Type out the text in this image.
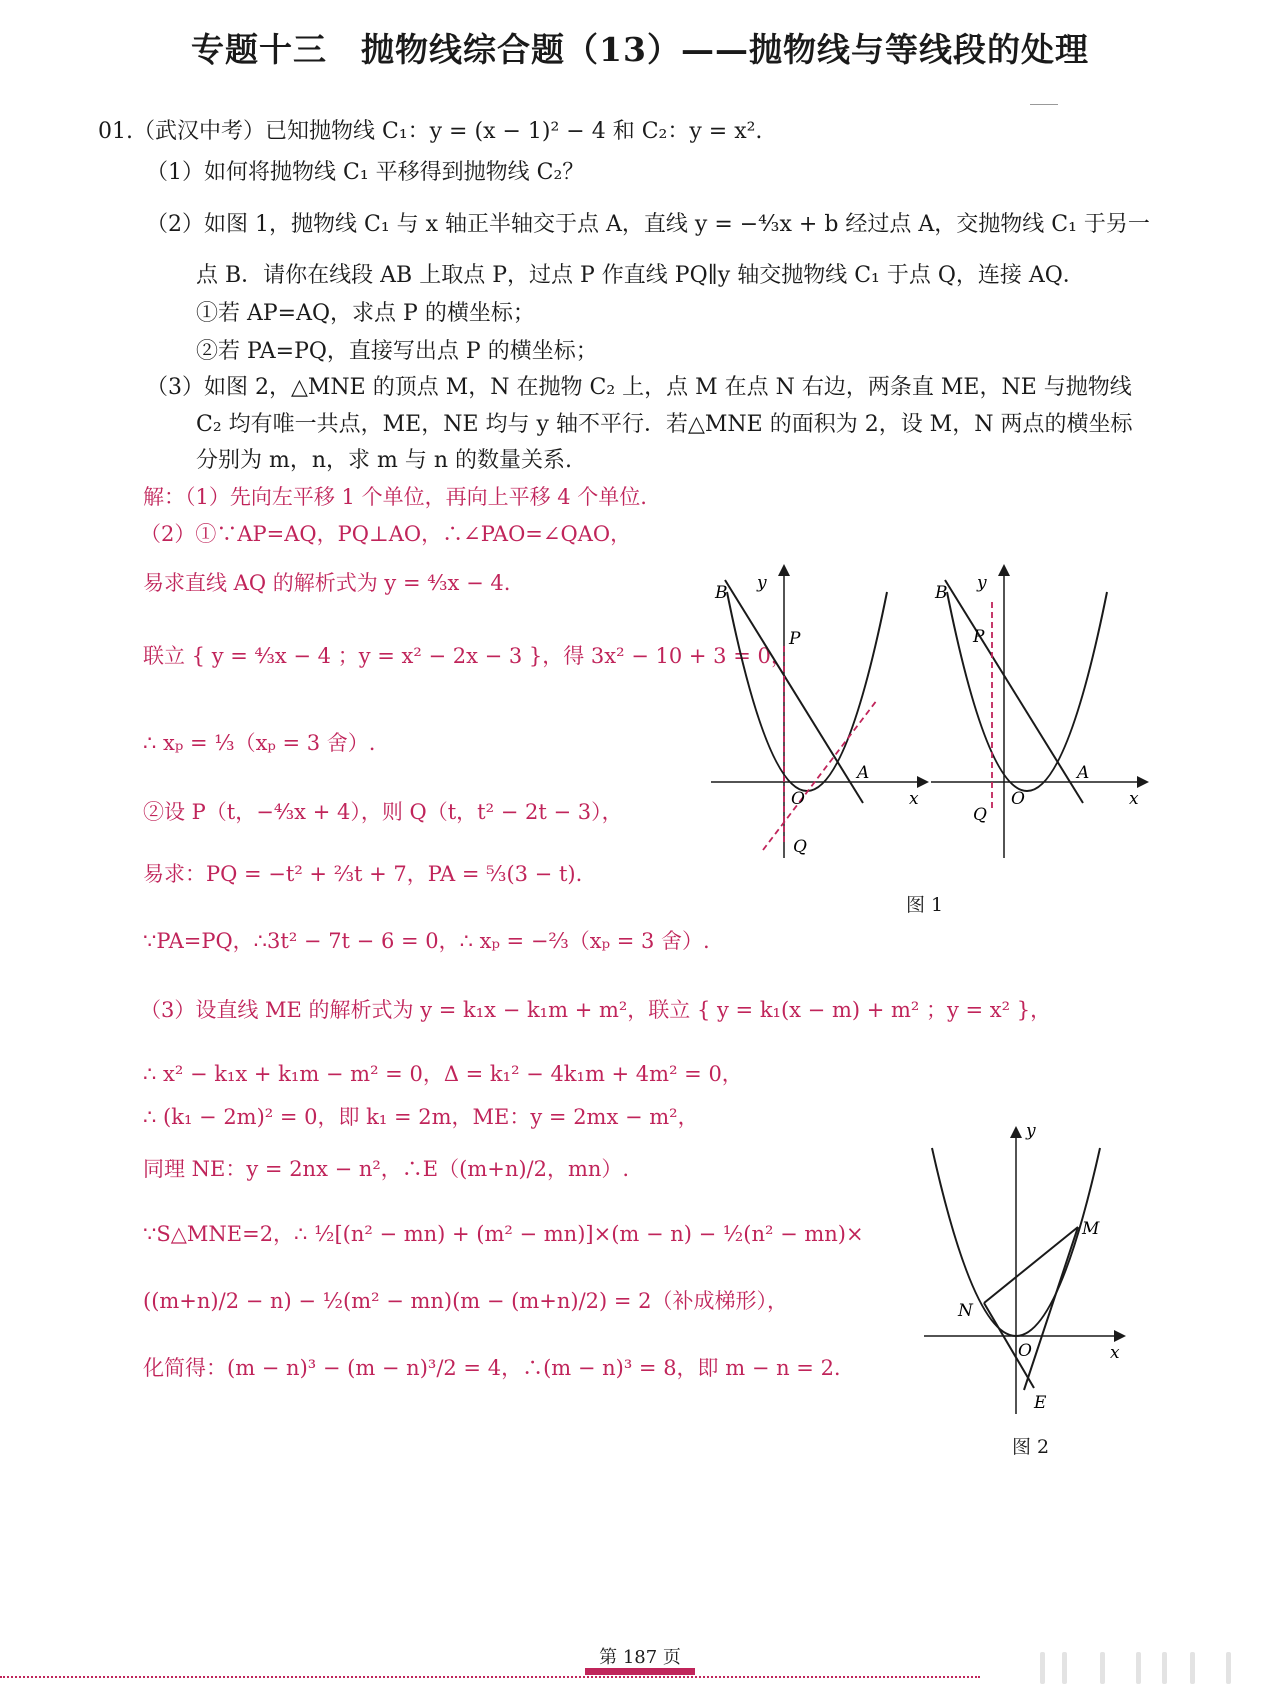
专题十三　抛物线综合题（13）——抛物线与等线段的处理
01.（武汉中考）已知抛物线 C₁：y = (x − 1)² − 4 和 C₂：y = x².
（1）如何将抛物线 C₁ 平移得到抛物线 C₂？
（2）如图 1，抛物线 C₁ 与 x 轴正半轴交于点 A，直线 y = −⁴⁄₃x + b 经过点 A，交抛物线 C₁ 于另一
点 B．请你在线段 AB 上取点 P，过点 P 作直线 PQ∥y 轴交抛物线 C₁ 于点 Q，连接 AQ．
①若 AP=AQ，求点 P 的横坐标；
②若 PA=PQ，直接写出点 P 的横坐标；
（3）如图 2，△MNE 的顶点 M，N 在抛物 C₂ 上，点 M 在点 N 右边，两条直 ME，NE 与抛物线
C₂ 均有唯一共点，ME，NE 均与 y 轴不平行．若△MNE 的面积为 2，设 M，N 两点的横坐标
分别为 m，n，求 m 与 n 的数量关系.
解：（1）先向左平移 1 个单位，再向上平移 4 个单位.
（2）①∵AP=AQ，PQ⊥AO，∴∠PAO=∠QAO，
易求直线 AQ 的解析式为 y = ⁴⁄₃x − 4.
联立 { y = ⁴⁄₃x − 4 ；y = x² − 2x − 3 }，得 3x² − 10 + 3 = 0，
∴ xₚ = ¹⁄₃（xₚ = 3 舍）.
②设 P（t，−⁴⁄₃x + 4），则 Q（t，t² − 2t − 3），
易求：PQ = −t² + ²⁄₃t + 7，PA = ⁵⁄₃(3 − t).
∵PA=PQ，∴3t² − 7t − 6 = 0，∴ xₚ = −²⁄₃（xₚ = 3 舍）.
（3）设直线 ME 的解析式为 y = k₁x − k₁m + m²，联立 { y = k₁(x − m) + m² ；y = x² }，
∴ x² − k₁x + k₁m − m² = 0，Δ = k₁² − 4k₁m + 4m² = 0，
∴ (k₁ − 2m)² = 0，即 k₁ = 2m，ME：y = 2mx − m²，
同理 NE：y = 2nx − n²，∴E（(m+n)/2，mn）.
∵S△MNE=2，∴ ½[(n² − mn) + (m² − mn)]×(m − n) − ½(n² − mn)×
((m+n)/2 − n) − ½(m² − mn)(m − (m+n)/2) = 2（补成梯形），
化简得：(m − n)³ − (m − n)³/2 = 4，∴(m − n)³ = 8，即 m − n = 2.
y
x
O
A
B
P
Q
y
x
O
A
B
P
Q
图 1
y
x
O
M
N
E
图 2
第 187 页
